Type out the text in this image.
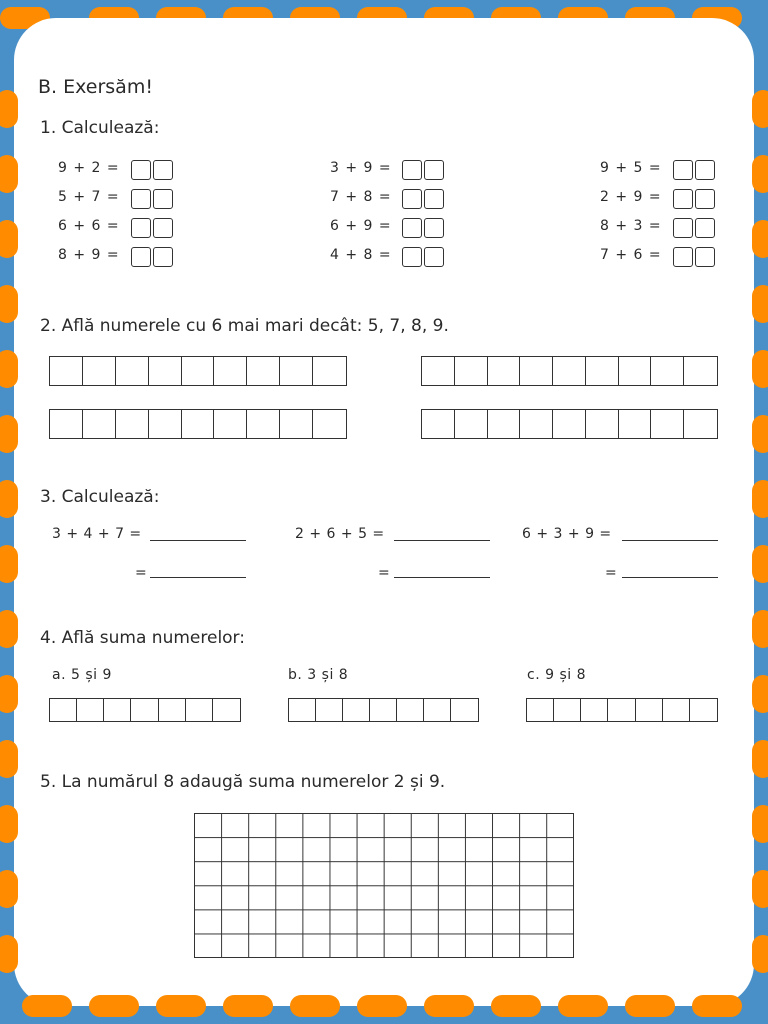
B. Exersăm!
1. Calculează:
9 + 2 =
5 + 7 =
6 + 6 =
8 + 9 =
3 + 9 =
7 + 8 =
6 + 9 =
4 + 8 =
9 + 5 =
2 + 9 =
8 + 3 =
7 + 6 =
2. Află numerele cu 6 mai mari decât: 5, 7, 8, 9.
3. Calculează:
3 + 4 + 7 =
=
2 + 6 + 5 =
=
6 + 3 + 9 =
=
4. Află suma numerelor:
a. 5 și 9	b. 3 și 8	c. 9 și 8
5. La numărul 8 adaugă suma numerelor 2 și 9.
